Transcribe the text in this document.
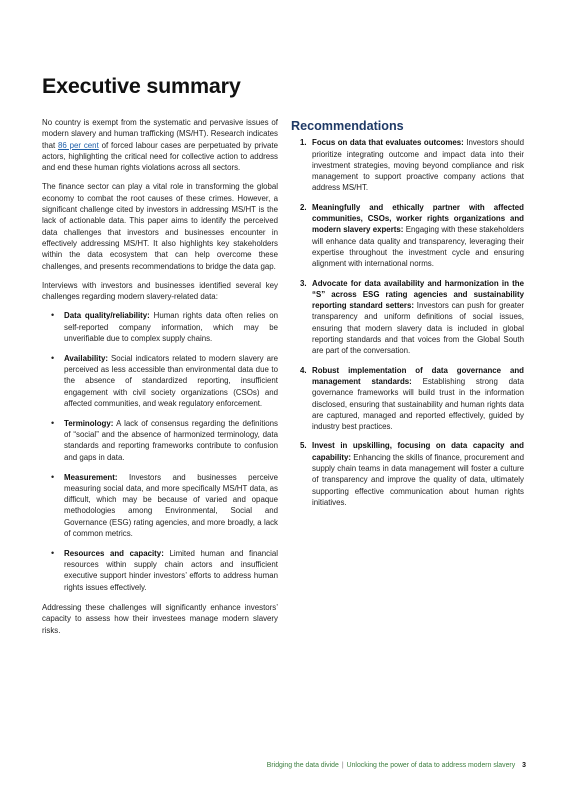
Executive summary

No country is exempt from the systematic and pervasive issues of modern slavery and human trafficking (MS/HT). Research indicates that 86 per cent of forced labour cases are perpetuated by private actors, highlighting the critical need for collective action to address and end these human rights violations across all sectors.

The finance sector can play a vital role in transforming the global economy to combat the root causes of these crimes. However, a significant challenge cited by investors in addressing MS/HT is the lack of actionable data. This paper aims to identify the perceived data challenges that investors and businesses encounter in effectively addressing MS/HT. It also highlights key stakeholders within the data ecosystem that can help overcome these challenges, and presents recommendations to bridge the data gap.

Interviews with investors and businesses identified several key challenges regarding modern slavery-related data:

• Data quality/reliability: Human rights data often relies on self-reported company information, which may be unverifiable due to complex supply chains.
• Availability: Social indicators related to modern slavery are perceived as less accessible than environmental data due to the absence of standardized reporting, insufficient engagement with civil society organizations (CSOs) and affected communities, and weak regulatory enforcement.
• Terminology: A lack of consensus regarding the definitions of “social” and the absence of harmonized terminology, data standards and reporting frameworks contribute to confusion and gaps in data.
• Measurement: Investors and businesses perceive measuring social data, and more specifically MS/HT data, as difficult, which may be because of varied and opaque methodologies among Environmental, Social and Governance (ESG) rating agencies, and more broadly, a lack of common metrics.
• Resources and capacity: Limited human and financial resources within supply chain actors and insufficient executive support hinder investors’ efforts to address human rights issues effectively.

Addressing these challenges will significantly enhance investors’ capacity to assess how their investees manage modern slavery risks.

Recommendations
1. Focus on data that evaluates outcomes: Investors should prioritize integrating outcome and impact data into their investment strategies, moving beyond compliance and risk management to support proactive company actions that address MS/HT.
2. Meaningfully and ethically partner with affected communities, CSOs, worker rights organizations and modern slavery experts: Engaging with these stakeholders will enhance data quality and transparency, leveraging their expertise throughout the investment cycle and ensuring alignment with international norms.
3. Advocate for data availability and harmonization in the “S” across ESG rating agencies and sustainability reporting standard setters: Investors can push for greater transparency and uniform definitions of social issues, ensuring that modern slavery data is included in global reporting standards and that voices from the Global South are part of the conversation.
4. Robust implementation of data governance and management standards: Establishing strong data governance frameworks will build trust in the information disclosed, ensuring that sustainability and human rights data are captured, managed and reported effectively, guided by industry best practices.
5. Invest in upskilling, focusing on data capacity and capability: Enhancing the skills of finance, procurement and supply chain teams in data management will foster a culture of transparency and improve the quality of data, ultimately supporting effective communication about human rights initiatives.
Bridging the data divide | Unlocking the power of data to address modern slavery 3
